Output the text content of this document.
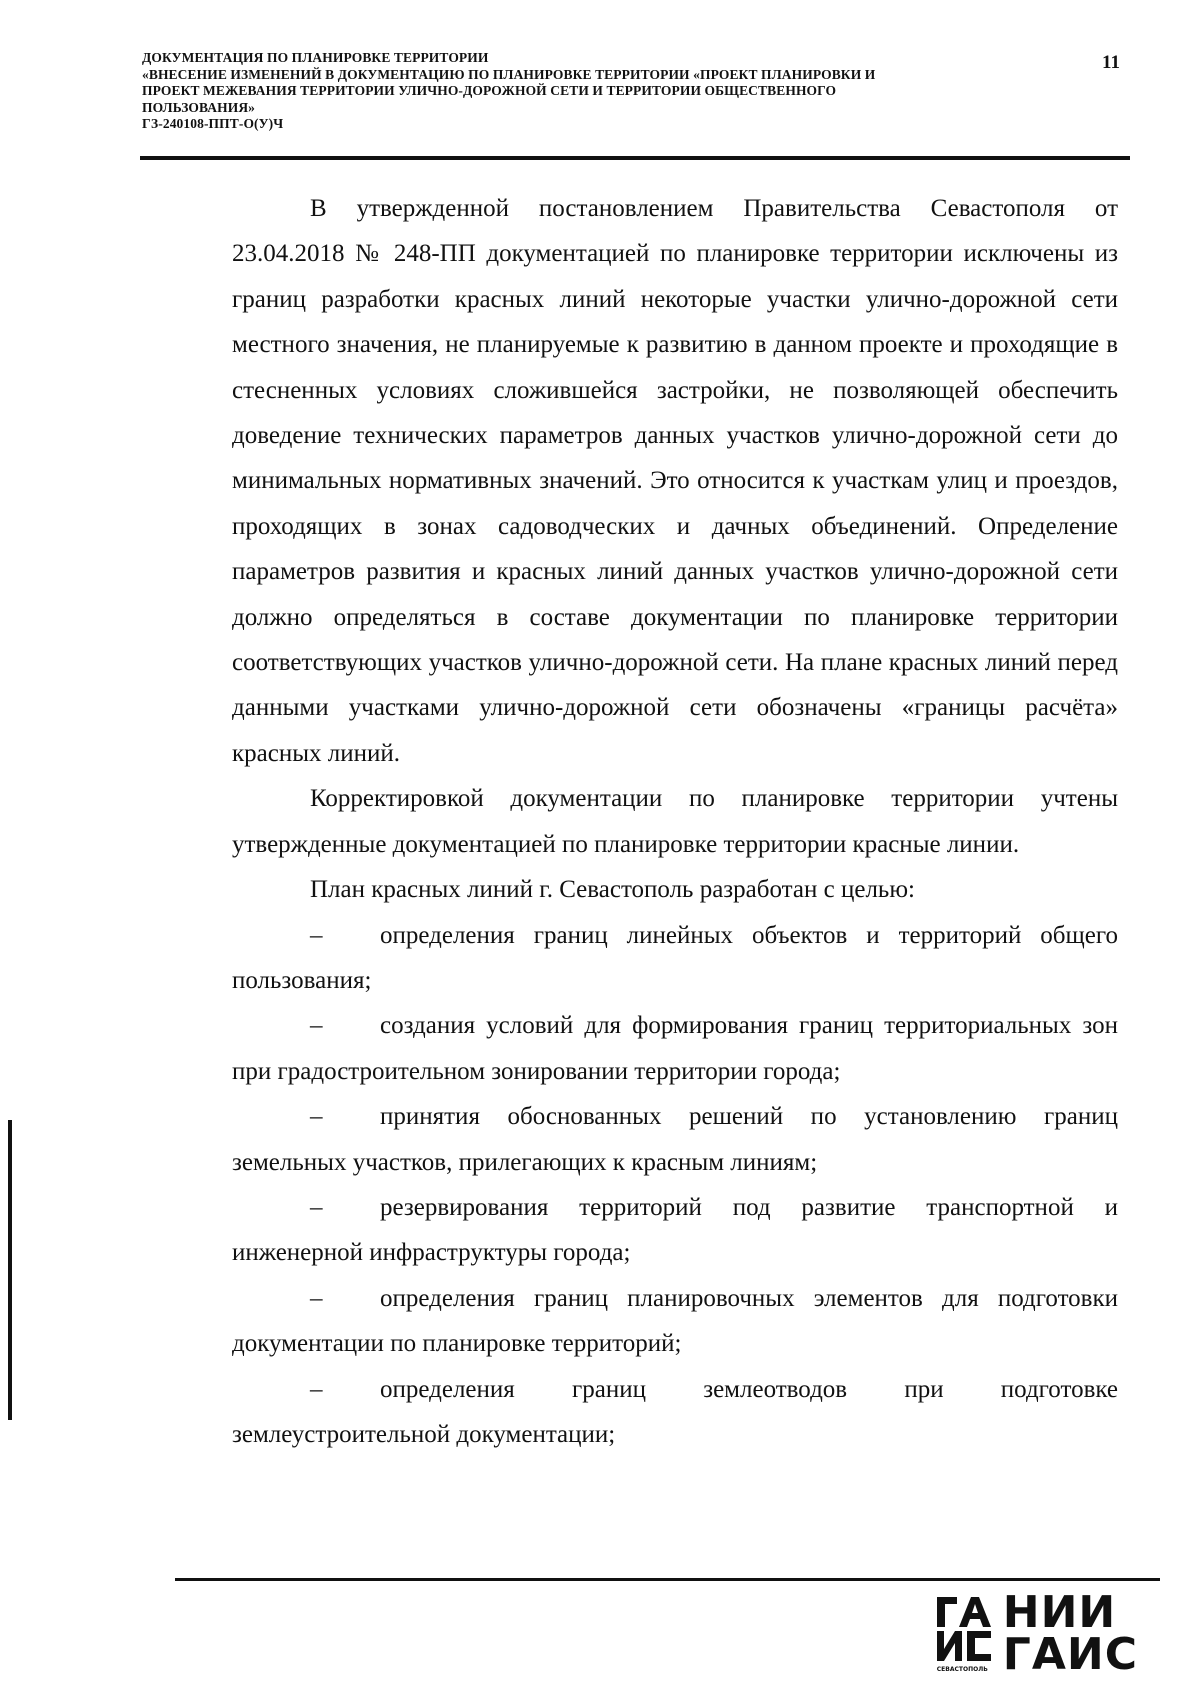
ДОКУМЕНТАЦИЯ ПО ПЛАНИРОВКЕ ТЕРРИТОРИИ
«ВНЕСЕНИЕ ИЗМЕНЕНИЙ В ДОКУМЕНТАЦИЮ ПО ПЛАНИРОВКЕ ТЕРРИТОРИИ «ПРОЕКТ ПЛАНИРОВКИ И
ПРОЕКТ МЕЖЕВАНИЯ ТЕРРИТОРИИ УЛИЧНО-ДОРОЖНОЙ СЕТИ И ТЕРРИТОРИИ ОБЩЕСТВЕННОГО
ПОЛЬЗОВАНИЯ»
ГЗ-240108-ППТ-О(У)Ч
11

В утвержденной постановлением Правительства Севастополя от 23.04.2018 № 248-ПП документацией по планировке территории исключены из границ разработки красных линий некоторые участки улично-дорожной сети местного значения, не планируемые к развитию в данном проекте и проходящие в стесненных условиях сложившейся застройки, не позволяющей обеспечить доведение технических параметров данных участков улично-дорожной сети до минимальных нормативных значений. Это относится к участкам улиц и проездов, проходящих в зонах садоводческих и дачных объединений. Определение параметров развития и красных линий данных участков улично-дорожной сети должно определяться в составе документации по планировке территории соответствующих участков улично-дорожной сети. На плане красных линий перед данными участками улично-дорожной сети обозначены «границы расчёта» красных линий.

Корректировкой документации по планировке территории учтены утвержденные документацией по планировке территории красные линии.

План красных линий г. Севастополь разработан с целью:

– определения границ линейных объектов и территорий общего пользования;

– создания условий для формирования границ территориальных зон при градостроительном зонировании территории города;

– принятия обоснованных решений по установлению границ земельных участков, прилегающих к красным линиям;

– резервирования территорий под развитие транспортной и инженерной инфраструктуры города;

– определения границ планировочных элементов для подготовки документации по планировке территорий;

– определения границ землеотводов при подготовке землеустроительной документации;

СЕВАСТОПОЛЬ
НИИ
ГАИС
